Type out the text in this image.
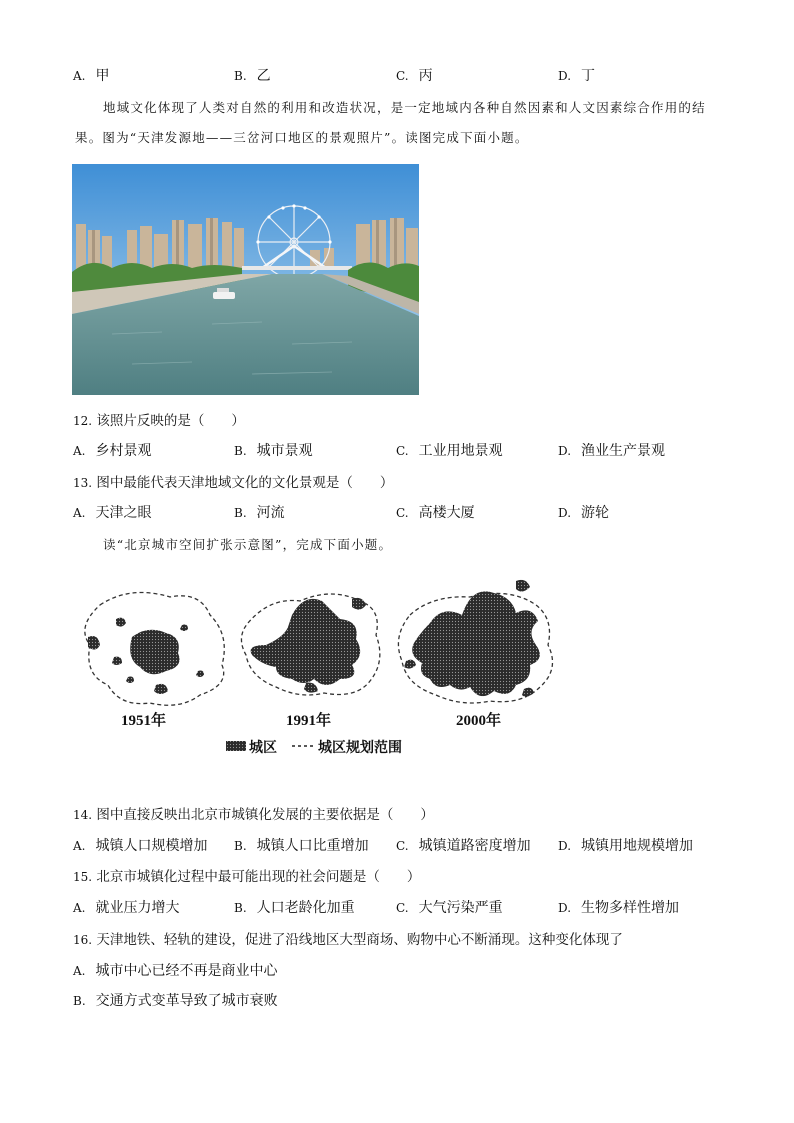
A. 甲	B. 乙	C. 丙	D. 丁
地域文化体现了人类对自然的利用和改造状况，是一定地域内各种自然因素和人文因素综合作用的结
果。图为“天津发源地——三岔河口地区的景观照片”。读图完成下面小题。
12. 该照片反映的是（　　）
A. 乡村景观	B. 城市景观	C. 工业用地景观	D. 渔业生产景观
13. 图中最能代表天津地域文化的文化景观是（　　）
A. 天津之眼	B. 河流	C. 高楼大厦	D. 游轮
读“北京城市空间扩张示意图”，完成下面小题。
1951年	1991年	2000年
城区	城区规划范围
14. 图中直接反映出北京市城镇化发展的主要依据是（　　）
A. 城镇人口规模增加 B. 城镇人口比重增加 C. 城镇道路密度增加 D. 城镇用地规模增加
15. 北京市城镇化过程中最可能出现的社会问题是（　　）
A. 就业压力增大	B. 人口老龄化加重	C. 大气污染严重	D. 生物多样性增加
16. 天津地铁、轻轨的建设，促进了沿线地区大型商场、购物中心不断涌现。这种变化体现了
A. 城市中心已经不再是商业中心
B. 交通方式变革导致了城市衰败
